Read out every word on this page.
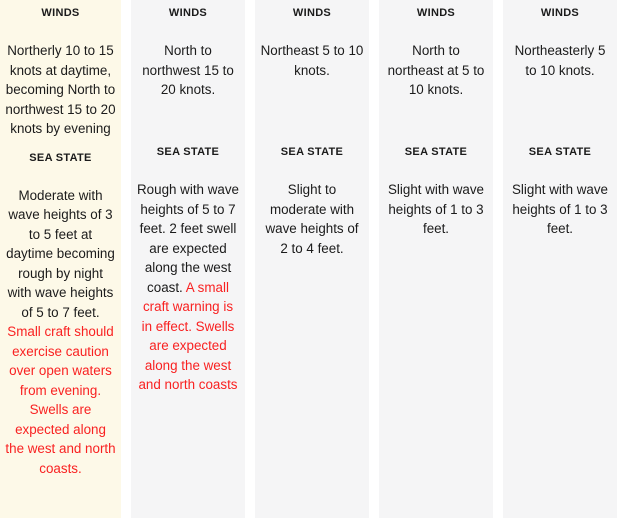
WINDS

Northerly 10 to 15 knots at daytime, becoming North to northwest 15 to 20 knots by evening

SEA STATE

Moderate with wave heights of 3 to 5 feet at daytime becoming rough by night with wave heights of 5 to 7 feet. Small craft should exercise caution over open waters from evening. Swells are expected along the west and north coasts.

WINDS

North to northwest 15 to 20 knots.

SEA STATE

Rough with wave heights of 5 to 7 feet. 2 feet swell are expected along the west coast. A small craft warning is in effect. Swells are expected along the west and north coasts

WINDS

Northeast 5 to 10 knots.

SEA STATE

Slight to moderate with wave heights of 2 to 4 feet.

WINDS

North to northeast at 5 to 10 knots.

SEA STATE

Slight with wave heights of 1 to 3 feet.

WINDS

Northeasterly 5 to 10 knots.

SEA STATE

Slight with wave heights of 1 to 3 feet.
